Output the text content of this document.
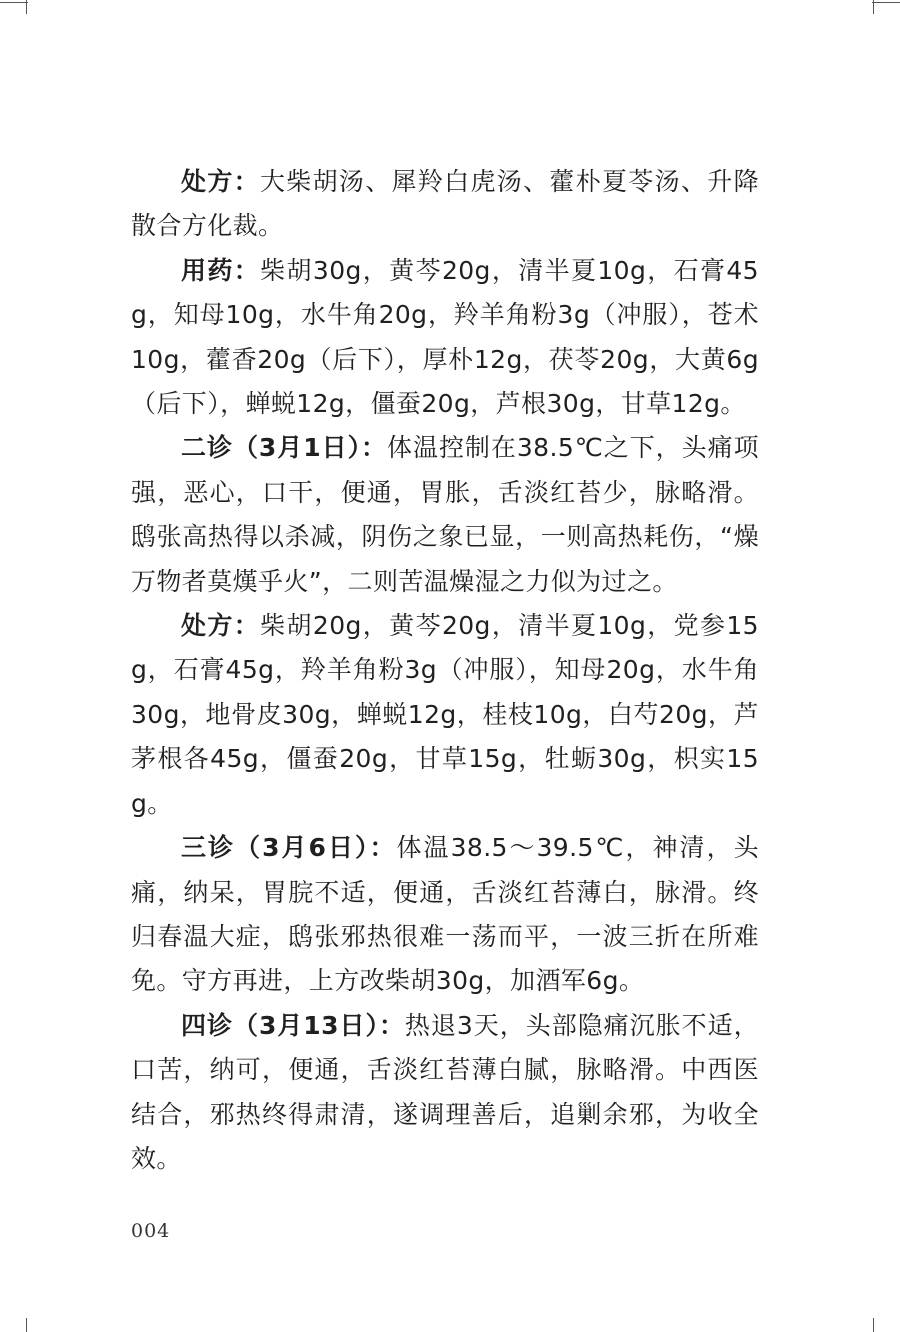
处方：大柴胡汤、犀羚白虎汤、藿朴夏苓汤、升降散合方化裁。

用药：柴胡30g，黄芩20g，清半夏10g，石膏45g，知母10g，水牛角20g，羚羊角粉3g（冲服），苍术10g，藿香20g（后下），厚朴12g，茯苓20g，大黄6g（后下），蝉蜕12g，僵蚕20g，芦根30g，甘草12g。

二诊（3月1日）：体温控制在38.5℃之下，头痛项强，恶心，口干，便通，胃胀，舌淡红苔少，脉略滑。鸱张高热得以杀减，阴伤之象已显，一则高热耗伤，“燥万物者莫熯乎火”，二则苦温燥湿之力似为过之。

处方：柴胡20g，黄芩20g，清半夏10g，党参15g，石膏45g，羚羊角粉3g（冲服），知母20g，水牛角30g，地骨皮30g，蝉蜕12g，桂枝10g，白芍20g，芦茅根各45g，僵蚕20g，甘草15g，牡蛎30g，枳实15g。

三诊（3月6日）：体温38.5～39.5℃，神清，头痛，纳呆，胃脘不适，便通，舌淡红苔薄白，脉滑。终归春温大症，鸱张邪热很难一荡而平，一波三折在所难免。守方再进，上方改柴胡30g，加酒军6g。

四诊（3月13日）：热退3天，头部隐痛沉胀不适，口苦，纳可，便通，舌淡红苔薄白腻，脉略滑。中西医结合，邪热终得肃清，遂调理善后，追剿余邪，为收全效。

004
